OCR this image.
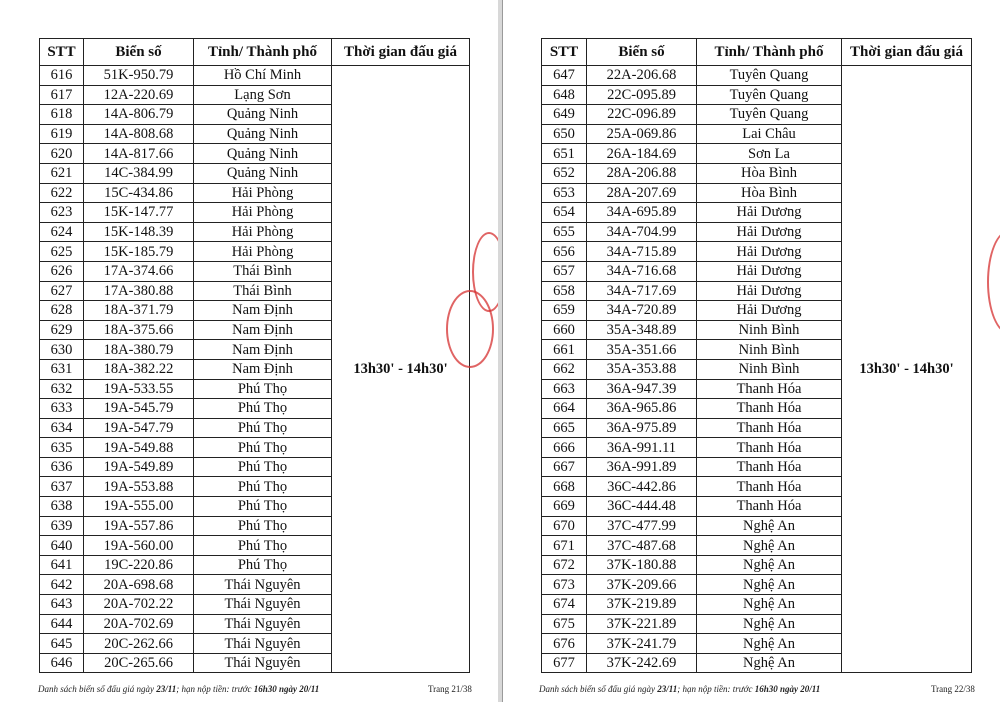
STT	Biển số	Tỉnh/ Thành phố	Thời gian đấu giá
616	51K-950.79	Hồ Chí Minh	13h30' - 14h30'
617	12A-220.69	Lạng Sơn	
618	14A-806.79	Quảng Ninh	
619	14A-808.68	Quảng Ninh	
620	14A-817.66	Quảng Ninh	
621	14C-384.99	Quảng Ninh	
622	15C-434.86	Hải Phòng	
623	15K-147.77	Hải Phòng	
624	15K-148.39	Hải Phòng	
625	15K-185.79	Hải Phòng	
626	17A-374.66	Thái Bình	
627	17A-380.88	Thái Bình	
628	18A-371.79	Nam Định	
629	18A-375.66	Nam Định	
630	18A-380.79	Nam Định	
631	18A-382.22	Nam Định	
632	19A-533.55	Phú Thọ	
633	19A-545.79	Phú Thọ	
634	19A-547.79	Phú Thọ	
635	19A-549.88	Phú Thọ	
636	19A-549.89	Phú Thọ	
637	19A-553.88	Phú Thọ	
638	19A-555.00	Phú Thọ	
639	19A-557.86	Phú Thọ	
640	19A-560.00	Phú Thọ	
641	19C-220.86	Phú Thọ	
642	20A-698.68	Thái Nguyên	
643	20A-702.22	Thái Nguyên	
644	20A-702.69	Thái Nguyên	
645	20C-262.66	Thái Nguyên	
646	20C-265.66	Thái Nguyên	
Danh sách biển số đấu giá ngày 23/11; hạn nộp tiền: trước 16h30 ngày 20/11	Trang 21/38
STT	Biển số	Tỉnh/ Thành phố	Thời gian đấu giá
647	22A-206.68	Tuyên Quang	13h30' - 14h30'
648	22C-095.89	Tuyên Quang	
649	22C-096.89	Tuyên Quang	
650	25A-069.86	Lai Châu	
651	26A-184.69	Sơn La	
652	28A-206.88	Hòa Bình	
653	28A-207.69	Hòa Bình	
654	34A-695.89	Hải Dương	
655	34A-704.99	Hải Dương	
656	34A-715.89	Hải Dương	
657	34A-716.68	Hải Dương	
658	34A-717.69	Hải Dương	
659	34A-720.89	Hải Dương	
660	35A-348.89	Ninh Bình	
661	35A-351.66	Ninh Bình	
662	35A-353.88	Ninh Bình	
663	36A-947.39	Thanh Hóa	
664	36A-965.86	Thanh Hóa	
665	36A-975.89	Thanh Hóa	
666	36A-991.11	Thanh Hóa	
667	36A-991.89	Thanh Hóa	
668	36C-442.86	Thanh Hóa	
669	36C-444.48	Thanh Hóa	
670	37C-477.99	Nghệ An	
671	37C-487.68	Nghệ An	
672	37K-180.88	Nghệ An	
673	37K-209.66	Nghệ An	
674	37K-219.89	Nghệ An	
675	37K-221.89	Nghệ An	
676	37K-241.79	Nghệ An	
677	37K-242.69	Nghệ An	
Danh sách biển số đấu giá ngày 23/11; hạn nộp tiền: trước 16h30 ngày 20/11	Trang 22/38
